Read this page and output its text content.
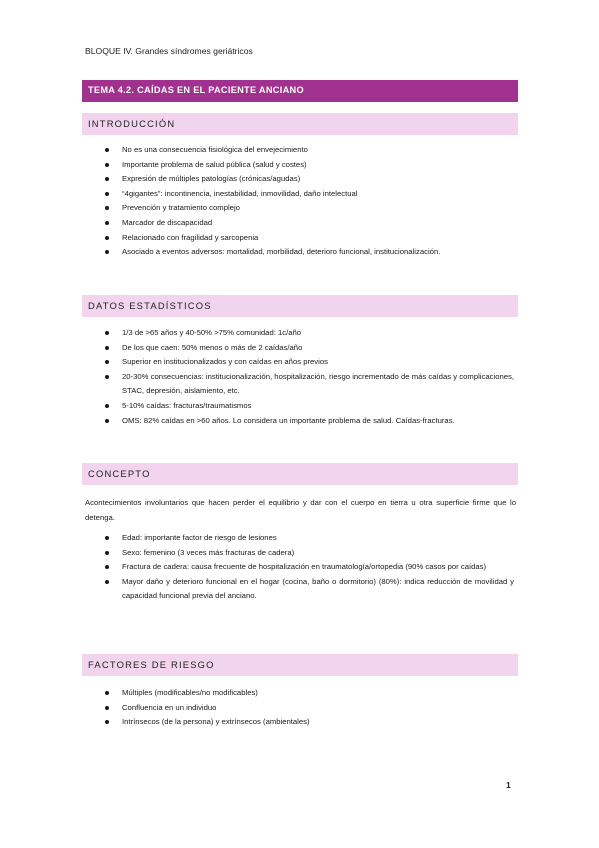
BLOQUE IV. Grandes síndromes geriátricos
TEMA 4.2. CAÍDAS EN EL PACIENTE ANCIANO
INTRODUCCIÓN
No es una consecuencia fisiológica del envejecimiento
Importante problema de salud pública (salud y costes)
Expresión de múltiples patologías (crónicas/agudas)
“4gigantes”: incontinencia, inestabilidad, inmovilidad, daño intelectual
Prevención y tratamiento complejo
Marcador de discapacidad
Relacionado con fragilidad y sarcopenia
Asociado a eventos adversos: mortalidad, morbilidad, deterioro funcional, institucionalización.
DATOS ESTADÍSTICOS
1/3 de >65 años y 40-50% >75% comunidad: 1c/año
De los que caen: 50% menos o más de 2 caídas/año
Superior en institucionalizados y con caídas en años previos
20-30% consecuencias: institucionalización, hospitalización, riesgo incrementado de más caídas y complicaciones, STAC, depresión, aislamiento, etc.
5-10% caídas: fracturas/traumatismos
OMS: 82% caídas en >60 años. Lo considera un importante problema de salud. Caídas-fracturas.
CONCEPTO
Acontecimientos involuntarios que hacen perder el equilibrio y dar con el cuerpo en tierra u otra superficie firme que lo detenga.
Edad: importante factor de riesgo de lesiones
Sexo: femenino (3 veces más fracturas de cadera)
Fractura de cadera: causa frecuente de hospitalización en traumatología/ortopedia (90% casos por caídas)
Mayor daño y deterioro funcional en el hogar (cocina, baño o dormitorio) (80%): indica reducción de movilidad y capacidad funcional previa del anciano.
FACTORES DE RIESGO
Múltiples (modificables/no modificables)
Confluencia en un individuo
Intrínsecos (de la persona) y extrínsecos (ambientales)
1
